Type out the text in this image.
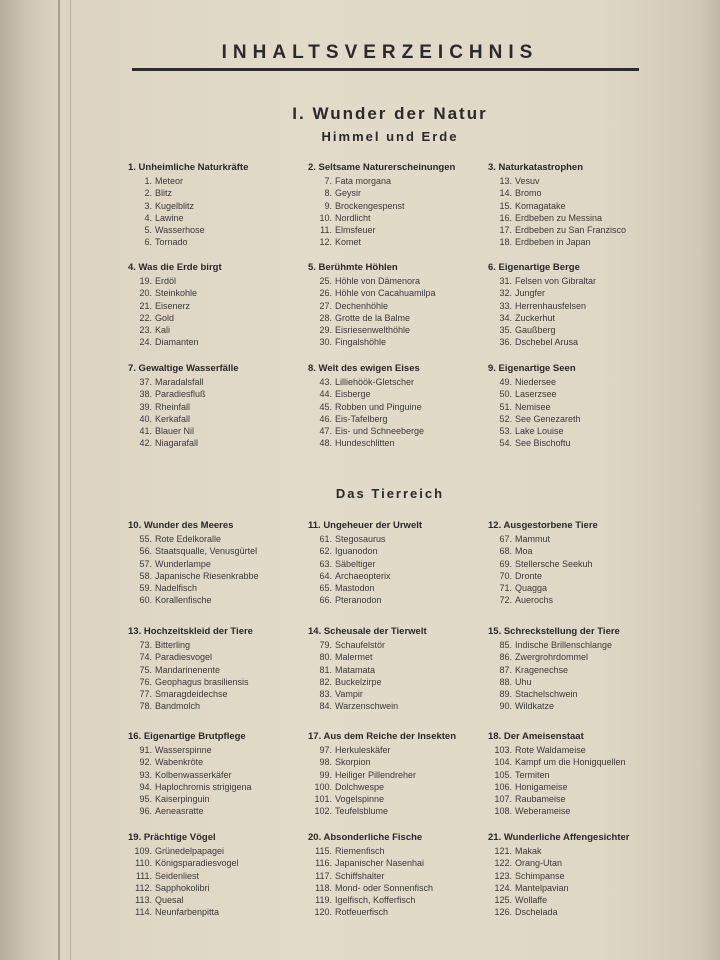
INHALTSVERZEICHNIS
I. Wunder der Natur
Himmel und Erde
Das Tierreich
1. Unheimliche Naturkräfte
1. Meteor
2. Blitz
3. Kugelblitz
4. Lawine
5. Wasserhose
6. Tornado
2. Seltsame Naturerscheinungen
7. Fata morgana
8. Geysir
9. Brockengespenst
10. Nordlicht
11. Elmsfeuer
12. Komet
3. Naturkatastrophen
13. Vesuv
14. Bromo
15. Komagatake
16. Erdbeben zu Messina
17. Erdbeben zu San Franzisco
18. Erdbeben in Japan
4. Was die Erde birgt
19. Erdöl
20. Steinkohle
21. Eisenerz
22. Gold
23. Kali
24. Diamanten
5. Berühmte Höhlen
25. Höhle von Dämenora
26. Höhle von Cacahuamilpa
27. Dechenhöhle
28. Grotte de la Balme
29. Eisriesenwelthöhle
30. Fingalshöhle
6. Eigenartige Berge
31. Felsen von Gibraltar
32. Jungfer
33. Herrenhausfelsen
34. Zuckerhut
35. Gaußberg
36. Dschebel Arusa
7. Gewaltige Wasserfälle
37. Maradalsfall
38. Paradiesfluß
39. Rheinfall
40. Kerkafall
41. Blauer Nil
42. Niagarafall
8. Welt des ewigen Eises
43. Lilliehöök-Gletscher
44. Eisberge
45. Robben und Pinguine
46. Eis-Tafelberg
47. Eis- und Schneeberge
48. Hundeschlitten
9. Eigenartige Seen
49. Niedersee
50. Laserzsee
51. Nemisee
52. See Genezareth
53. Lake Louise
54. See Bischoftu
10. Wunder des Meeres
55. Rote Edelkoralle
56. Staatsqualle, Venusgürtel
57. Wunderlampe
58. Japanische Riesenkrabbe
59. Nadelfisch
60. Korallenfische
11. Ungeheuer der Urwelt
61. Stegosaurus
62. Iguanodon
63. Säbeltiger
64. Archaeopterix
65. Mastodon
66. Pteranodon
12. Ausgestorbene Tiere
67. Mammut
68. Moa
69. Stellersche Seekuh
70. Dronte
71. Quagga
72. Auerochs
13. Hochzeitskleid der Tiere
73. Bitterling
74. Paradiesvogel
75. Mandarinenente
76. Geophagus brasiliensis
77. Smaragdeidechse
78. Bandmolch
14. Scheusale der Tierwelt
79. Schaufelstör
80. Malermet
81. Matamata
82. Buckelzirpe
83. Vampir
84. Warzenschwein
15. Schreckstellung der Tiere
85. Indische Brillenschlange
86. Zwergrohrdommel
87. Kragenechse
88. Uhu
89. Stachelschwein
90. Wildkatze
16. Eigenartige Brutpflege
91. Wasserspinne
92. Wabenkröte
93. Kolbenwasserkäfer
94. Haplochromis strigigena
95. Kaiserpinguin
96. Aeneasratte
17. Aus dem Reiche der Insekten
97. Herkuleskäfer
98. Skorpion
99. Heiliger Pillendreher
100. Dolchwespe
101. Vogelspinne
102. Teufelsblume
18. Der Ameisenstaat
103. Rote Waldameise
104. Kampf um die Honigquellen
105. Termiten
106. Honigameise
107. Raubameise
108. Weberameise
19. Prächtige Vögel
109. Grünedelpapagei
110. Königsparadiesvogel
111. Seidenliest
112. Sapphokolibri
113. Quesal
114. Neunfarbenpitta
20. Absonderliche Fische
115. Riemenfisch
116. Japanischer Nasenhai
117. Schiffshalter
118. Mond- oder Sonnenfisch
119. Igelfisch, Kofferfisch
120. Rotfeuerfisch
21. Wunderliche Affengesichter
121. Makak
122. Orang-Utan
123. Schimpanse
124. Mantelpavian
125. Wollaffe
126. Dschelada
